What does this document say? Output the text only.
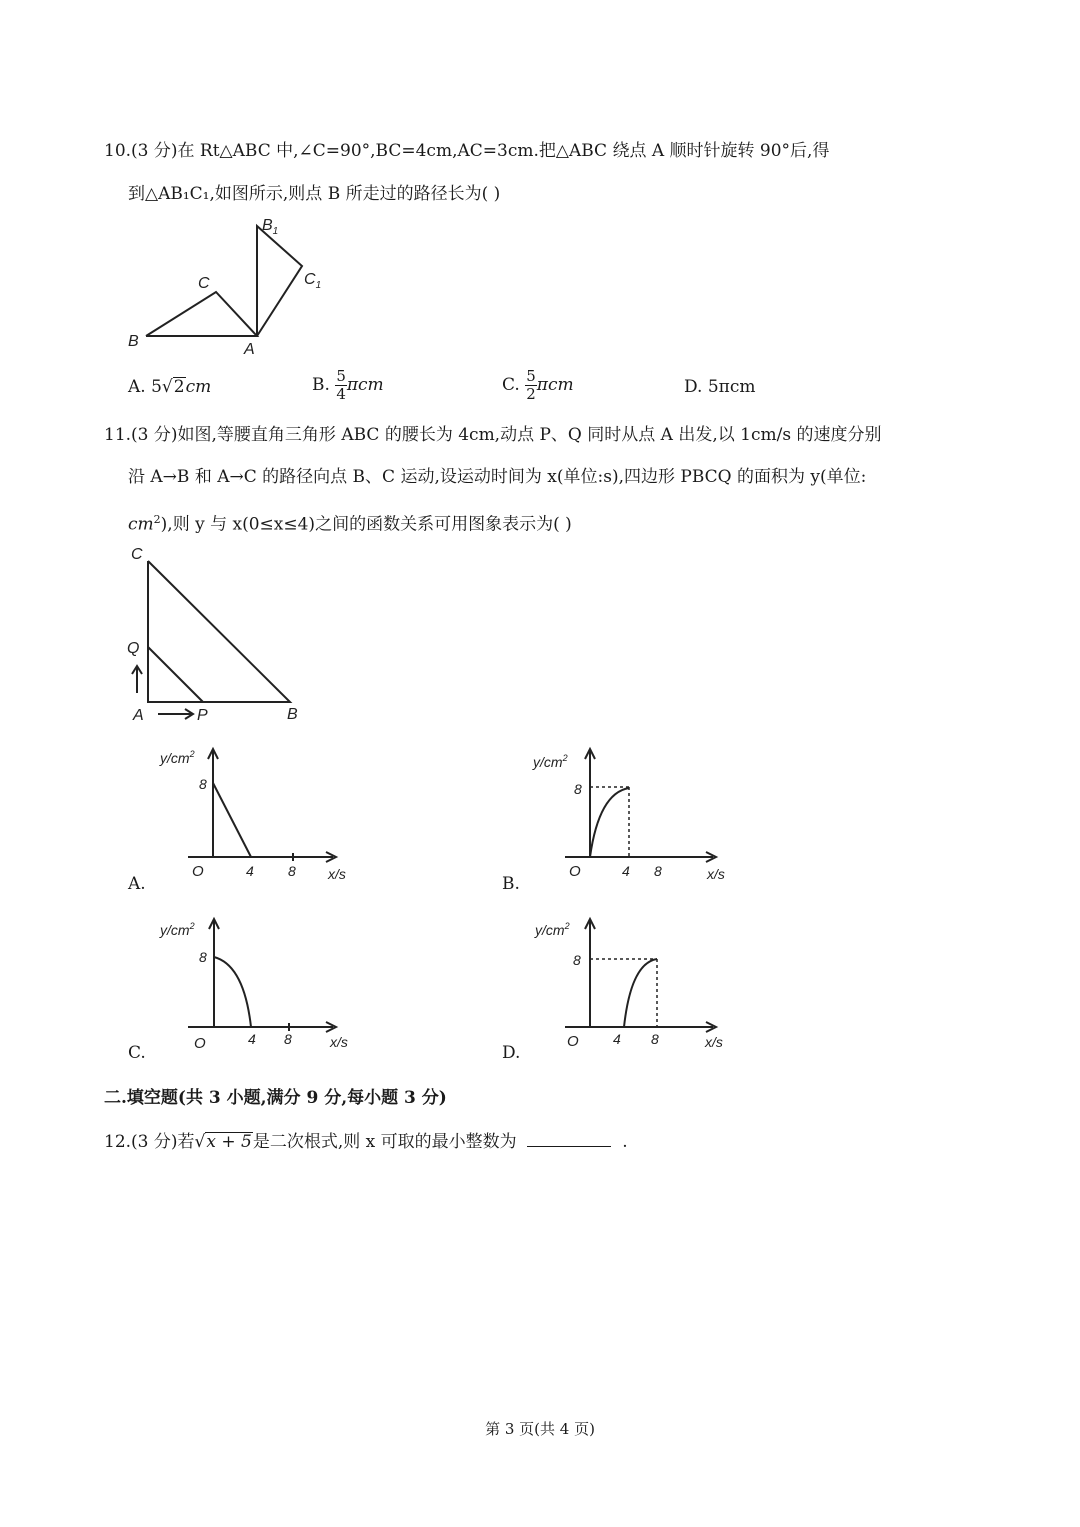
10.(3 分)在 Rt△ABC 中,∠C=90°,BC=4cm,AC=3cm.把△ABC 绕点 A 顺时针旋转 90°后,得
到△AB₁C₁,如图所示,则点 B 所走过的路径长为( )
B
C
A
$B_1$
$C_1$
A. 5√2cm	B. $\frac{5}{4}$ πcm	C. $\frac{5}{2}$ πcm	D. 5πcm
11.(3 分)如图,等腰直角三角形 ABC 的腰长为 4cm,动点 P、Q 同时从点 A 出发,以 1cm/s 的速度分别
沿 A→B 和 A→C 的路径向点 B、C 运动,设运动时间为 x(单位:s),四边形 PBCQ 的面积为 y(单位:
$cm^2$),则 y 与 x(0≤x≤4)之间的函数关系可用图象表示为( )
C
Q
A	P	B
A.
$y/cm^2$
8
O	4 8 x/s	B.
$y/cm^2$
8
O	4 8	x/s
C.
$y/cm^2$
8
O	4 8	x/s
D.
$y/cm^2$
8
O 4 8	x/s
二.填空题(共 3 小题,满分 9 分,每小题 3 分)
12.(3 分)若√x + 5是二次根式,则 x 可取的最小整数为	.
第 3 页(共 4 页)
